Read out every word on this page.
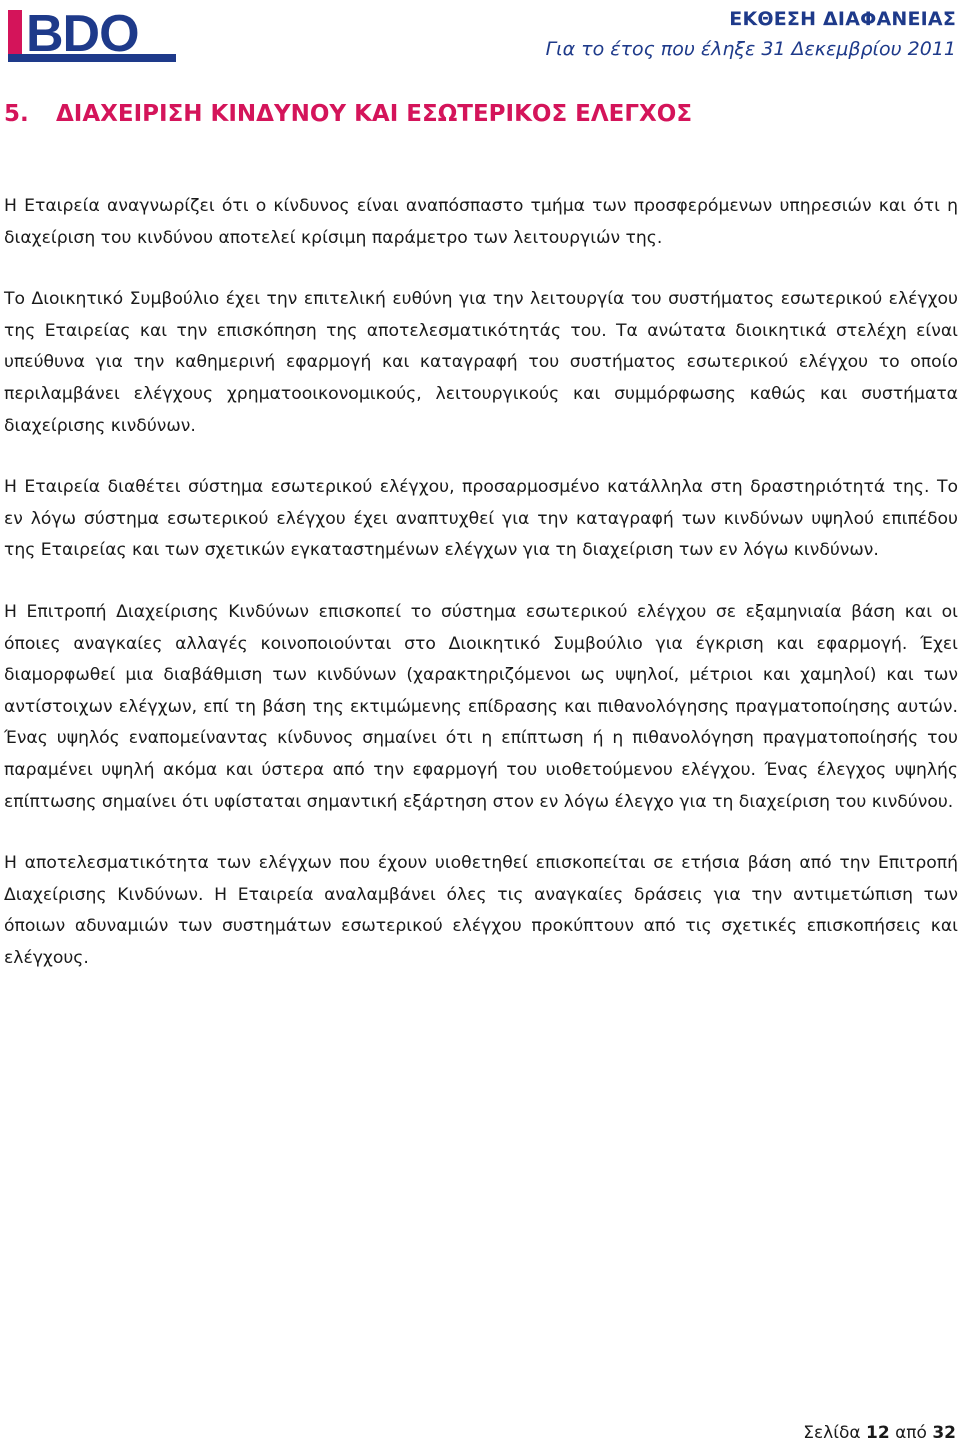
BDO	ΕΚΘΕΣΗ ΔΙΑΦΑΝΕΙΑΣ
Για το έτος που έληξε 31 Δεκεμβρίου 2011
5. ΔΙΑΧΕΙΡΙΣΗ ΚΙΝΔΥΝΟΥ ΚΑΙ ΕΣΩΤΕΡΙΚΟΣ ΕΛΕΓΧΟΣ

Η Εταιρεία αναγνωρίζει ότι ο κίνδυνος είναι αναπόσπαστο τμήμα των προσφερόμενων υπηρεσιών και ότι η διαχείριση του κινδύνου αποτελεί κρίσιμη παράμετρο των λειτουργιών της.

Το Διοικητικό Συμβούλιο έχει την επιτελική ευθύνη για την λειτουργία του συστήματος εσωτερικού ελέγχου της Εταιρείας και την επισκόπηση της αποτελεσματικότητάς του. Τα ανώτατα διοικητικά στελέχη είναι υπεύθυνα για την καθημερινή εφαρμογή και καταγραφή του συστήματος εσωτερικού ελέγχου το οποίο περιλαμβάνει ελέγχους χρηματοοικονομικούς, λειτουργικούς και συμμόρφωσης καθώς και συστήματα διαχείρισης κινδύνων.

Η Εταιρεία διαθέτει σύστημα εσωτερικού ελέγχου, προσαρμοσμένο κατάλληλα στη δραστηριότητά της. Το εν λόγω σύστημα εσωτερικού ελέγχου έχει αναπτυχθεί για την καταγραφή των κινδύνων υψηλού επιπέδου της Εταιρείας και των σχετικών εγκαταστημένων ελέγχων για τη διαχείριση των εν λόγω κινδύνων.

Η Επιτροπή Διαχείρισης Κινδύνων επισκοπεί το σύστημα εσωτερικού ελέγχου σε εξαμηνιαία βάση και οι όποιες αναγκαίες αλλαγές κοινοποιούνται στο Διοικητικό Συμβούλιο για έγκριση και εφαρμογή. Έχει διαμορφωθεί μια διαβάθμιση των κινδύνων (χαρακτηριζόμενοι ως υψηλοί, μέτριοι και χαμηλοί) και των αντίστοιχων ελέγχων, επί τη βάση της εκτιμώμενης επίδρασης και πιθανολόγησης πραγματοποίησης αυτών. Ένας υψηλός εναπομείναντας κίνδυνος σημαίνει ότι η επίπτωση ή η πιθανολόγηση πραγματοποίησής του παραμένει υψηλή ακόμα και ύστερα από την εφαρμογή του υιοθετούμενου ελέγχου. Ένας έλεγχος υψηλής επίπτωσης σημαίνει ότι υφίσταται σημαντική εξάρτηση στον εν λόγω έλεγχο για τη διαχείριση του κινδύνου.

Η αποτελεσματικότητα των ελέγχων που έχουν υιοθετηθεί επισκοπείται σε ετήσια βάση από την Επιτροπή Διαχείρισης Κινδύνων. Η Εταιρεία αναλαμβάνει όλες τις αναγκαίες δράσεις για την αντιμετώπιση των όποιων αδυναμιών των συστημάτων εσωτερικού ελέγχου προκύπτουν από τις σχετικές επισκοπήσεις και ελέγχους.

Σελίδα 12 από 32
